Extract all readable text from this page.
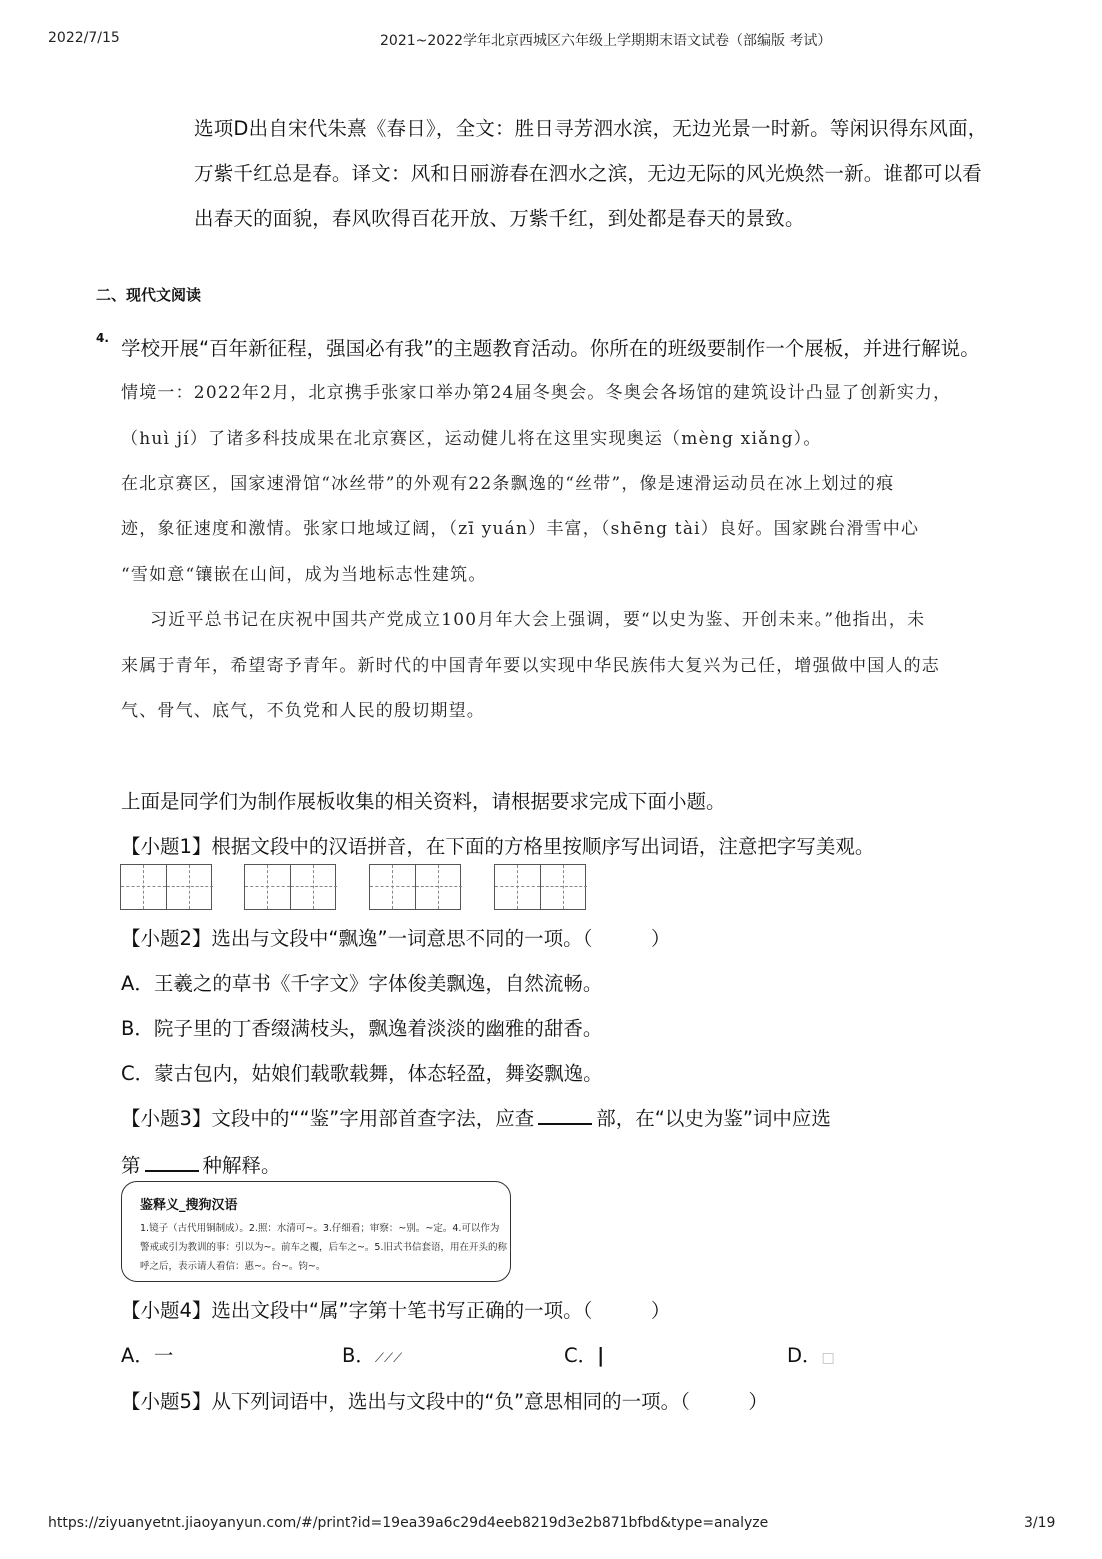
2022/7/15	2021~2022学年北京西城区六年级上学期期末语文试卷（部编版 考试）
选项D出自宋代朱熹《春日》，全文：胜日寻芳泗水滨，无边光景一时新。等闲识得东风面，
万紫千红总是春。译文：风和日丽游春在泗水之滨，无边无际的风光焕然一新。谁都可以看
出春天的面貌，春风吹得百花开放、万紫千红，到处都是春天的景致。
二、现代文阅读
4. 学校开展“百年新征程，强国必有我”的主题教育活动。你所在的班级要制作一个展板，并进行解说。
情境一：2022年2月，北京携手张家口举办第24届冬奥会。冬奥会各场馆的建筑设计凸显了创新实力，
（huì jí）了诸多科技成果在北京赛区，运动健儿将在这里实现奥运（mèng xiǎng）。
在北京赛区，国家速滑馆“冰丝带”的外观有22条飘逸的“丝带”，像是速滑运动员在冰上划过的痕
迹，象征速度和激情。张家口地域辽阔，（zī yuán）丰富，（shēng tài）良好。国家跳台滑雪中心
“雪如意“镶嵌在山间，成为当地标志性建筑。
习近平总书记在庆祝中国共产党成立100月年大会上强调，要“以史为鉴、开创未来。”他指出，未
来属于青年，希望寄予青年。新时代的中国青年要以实现中华民族伟大复兴为己任，增强做中国人的志
气、骨气、底气，不负党和人民的殷切期望。
上面是同学们为制作展板收集的相关资料，请根据要求完成下面小题。
【小题1】根据文段中的汉语拼音，在下面的方格里按顺序写出词语，注意把字写美观。
【小题2】选出与文段中“飘逸”一词意思不同的一项。（　　　）
A．王羲之的草书《千字文》字体俊美飘逸，自然流畅。
B．院子里的丁香缀满枝头，飘逸着淡淡的幽雅的甜香。
C．蒙古包内，姑娘们载歌载舞，体态轻盈，舞姿飘逸。
【小题3】文段中的““鉴”字用部首查字法，应查	部，在“以史为鉴”词中应选
第	种解释。
鉴释义_搜狗汉语
1.镜子（古代用铜制成）。2.照：水清可~。3.仔细看；审察：~别。~定。4.可以作为
警戒或引为教训的事：引以为~。前车之覆，后车之~。5.旧式书信套语，用在开头的称
呼之后，表示请人看信：惠~。台~。钧~。
【小题4】选出文段中“属”字第十笔书写正确的一项。（　　　）
A．一	B．⟋⟋⟋	C．|	D．□
【小题5】从下列词语中，选出与文段中的“负”意思相同的一项。（　　　）
https://ziyuanyetnt.jiaoyanyun.com/#/print?id=19ea39a6c29d4eeb8219d3e2b871bfbd&type=analyze	3/19
